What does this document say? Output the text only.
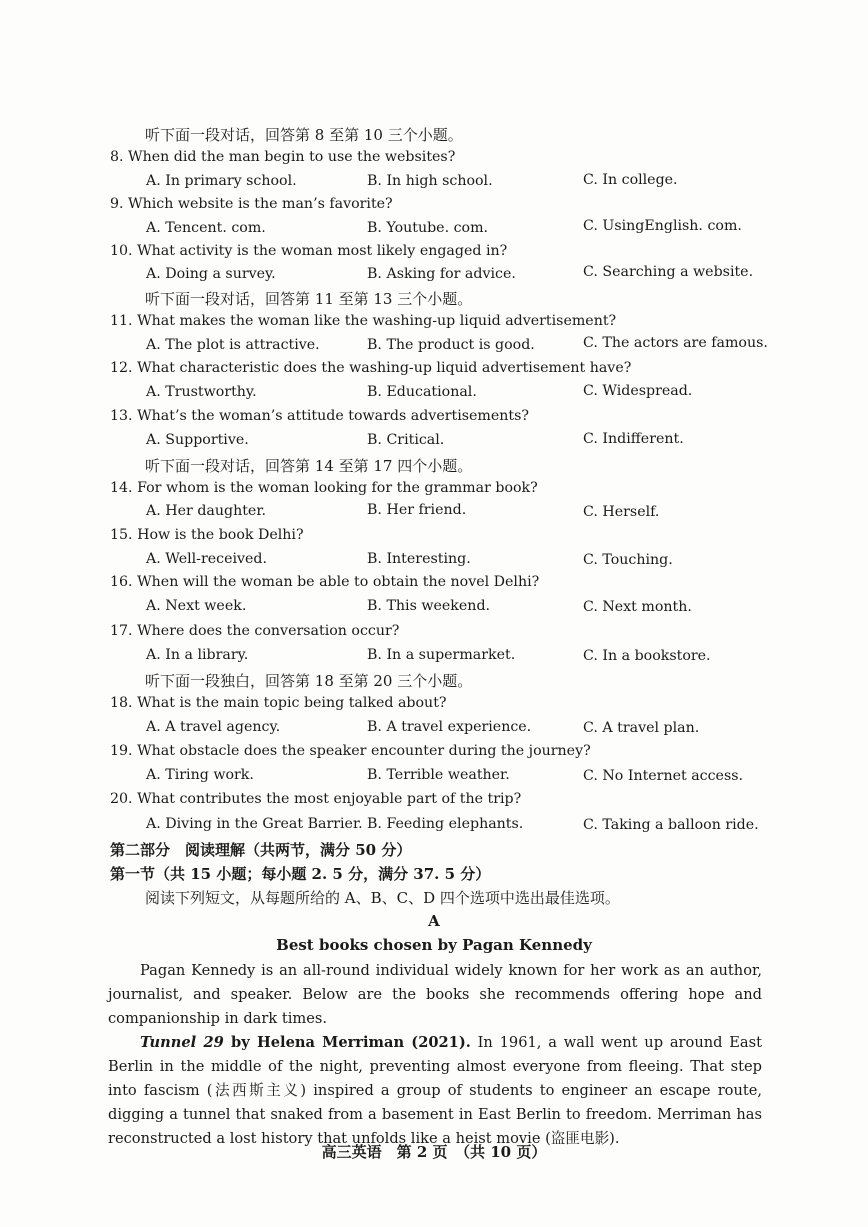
听下面一段对话，回答第 8 至第 10 三个小题。
8. When did the man begin to use the websites?
A. In primary school.	B. In high school.	C. In college.
9. Which website is the man’s favorite?
A. Tencent. com.	B. Youtube. com.	C. UsingEnglish. com.
10. What activity is the woman most likely engaged in?
A. Doing a survey.	B. Asking for advice.	C. Searching a website.
听下面一段对话，回答第 11 至第 13 三个小题。
11. What makes the woman like the washing-up liquid advertisement?
A. The plot is attractive.	B. The product is good.	C. The actors are famous.
12. What characteristic does the washing-up liquid advertisement have?
A. Trustworthy.	B. Educational.	C. Widespread.
13. What’s the woman’s attitude towards advertisements?
A. Supportive.	B. Critical.	C. Indifferent.
听下面一段对话，回答第 14 至第 17 四个小题。
14. For whom is the woman looking for the grammar book?
A. Her daughter.	B. Her friend.	C. Herself.
15. How is the book Delhi?
A. Well-received.	B. Interesting.	C. Touching.
16. When will the woman be able to obtain the novel Delhi?
A. Next week.	B. This weekend.	C. Next month.
17. Where does the conversation occur?
A. In a library.	B. In a supermarket.	C. In a bookstore.
听下面一段独白，回答第 18 至第 20 三个小题。
18. What is the main topic being talked about?
A. A travel agency.	B. A travel experience.	C. A travel plan.
19. What obstacle does the speaker encounter during the journey?
A. Tiring work.	B. Terrible weather.	C. No Internet access.
20. What contributes the most enjoyable part of the trip?
A. Diving in the Great Barrier. B. Feeding elephants.	C. Taking a balloon ride.
第二部分　阅读理解（共两节，满分 50 分）
第一节（共 15 小题；每小题 2. 5 分，满分 37. 5 分）
阅读下列短文，从每题所给的 A、B、C、D 四个选项中选出最佳选项。
A
Best books chosen by Pagan Kennedy

Pagan Kennedy is an all-round individual widely known for her work as an author, journalist, and speaker. Below are the books she recommends offering hope and companionship in dark times.

Tunnel 29 by Helena Merriman (2021). In 1961, a wall went up around East Berlin in the middle of the night, preventing almost everyone from fleeing. That step into fascism (法西斯主义) inspired a group of students to engineer an escape route, digging a tunnel that snaked from a basement in East Berlin to freedom. Merriman has reconstructed a lost history that unfolds like a heist movie (盗匪电影).

高三英语　第 2 页　（共 10 页）
